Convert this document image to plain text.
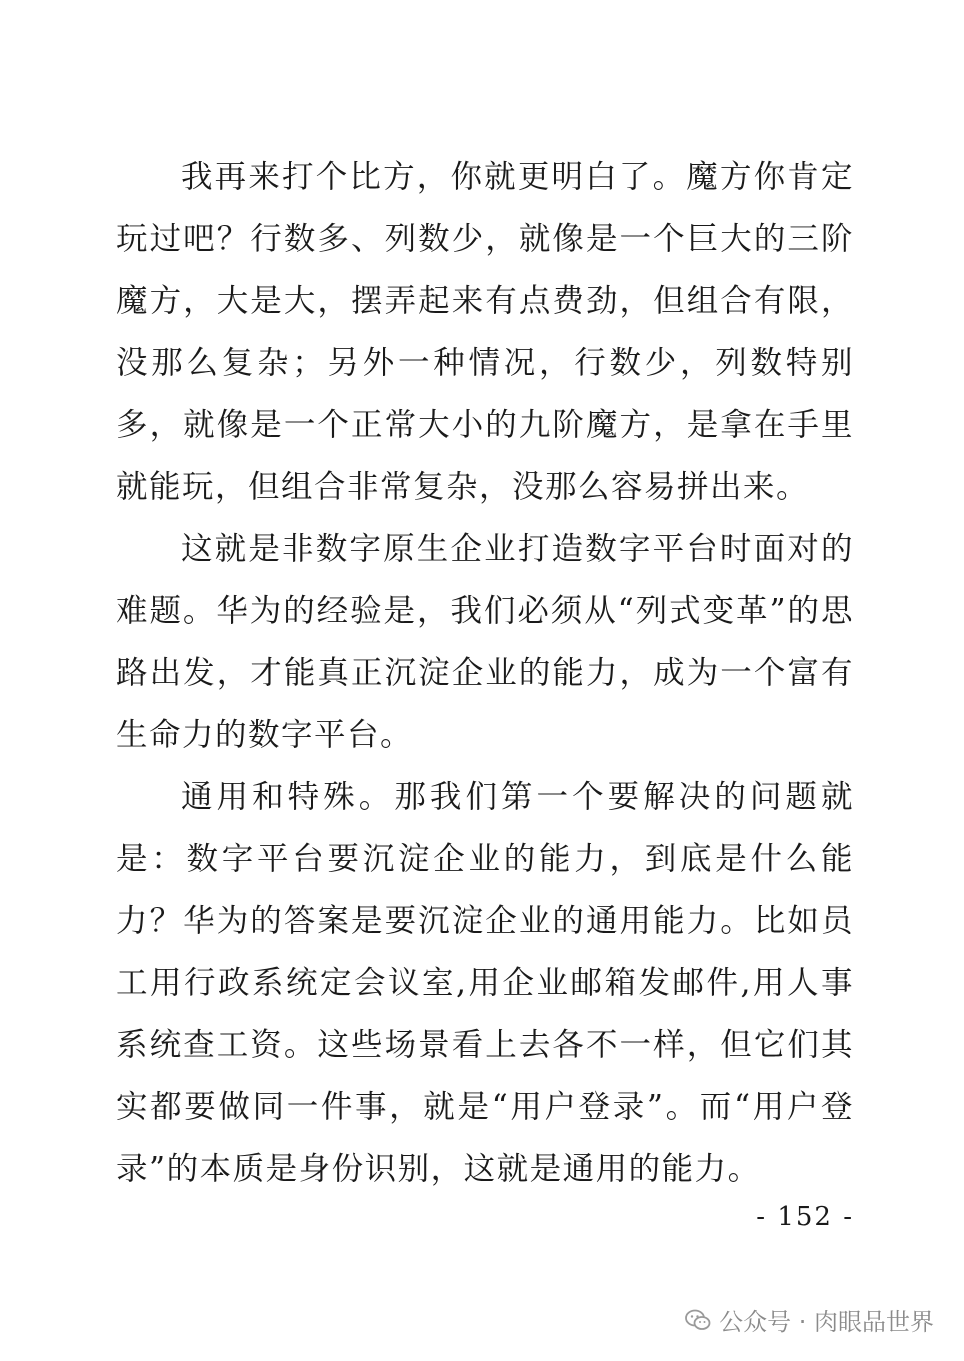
我再来打个比方，你就更明白了。魔方你肯定玩过吧？行数多、列数少，就像是一个巨大的三阶魔方，大是大，摆弄起来有点费劲，但组合有限，没那么复杂；另外一种情况，行数少，列数特别多，就像是一个正常大小的九阶魔方，是拿在手里就能玩，但组合非常复杂，没那么容易拼出来。

这就是非数字原生企业打造数字平台时面对的难题。华为的经验是，我们必须从“列式变革”的思路出发，才能真正沉淀企业的能力，成为一个富有生命力的数字平台。

通用和特殊。那我们第一个要解决的问题就是：数字平台要沉淀企业的能力，到底是什么能力？华为的答案是要沉淀企业的通用能力。比如员工用行政系统定会议室,用企业邮箱发邮件,用人事系统查工资。这些场景看上去各不一样，但它们其实都要做同一件事，就是“用户登录”。而“用户登录”的本质是身份识别，这就是通用的能力。

- 152 -
公众号 · 肉眼品世界
